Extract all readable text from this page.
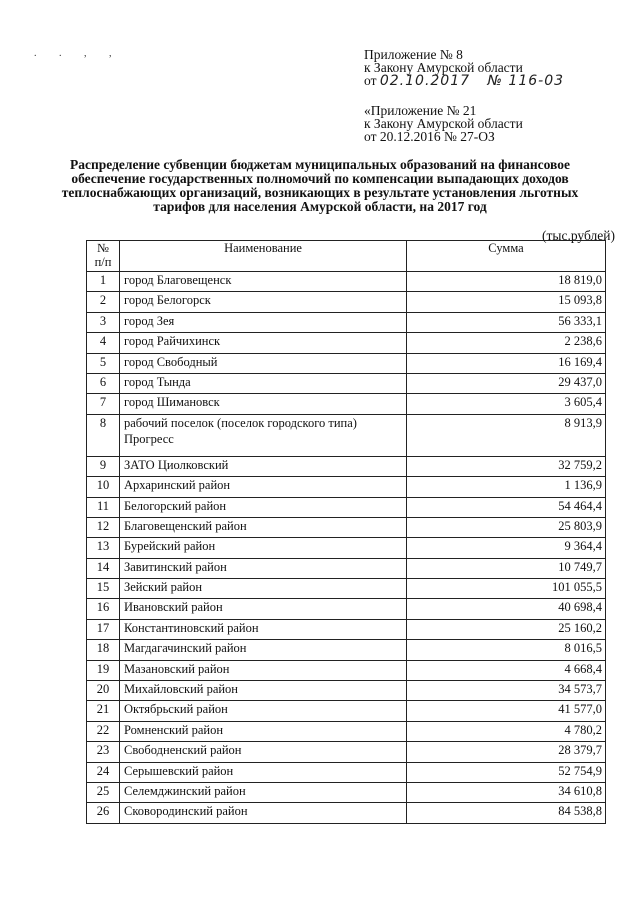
. . , ,	Приложение № 8
к Закону Амурской области
от 02.10.2017 № 116-03
«Приложение № 21
к Закону Амурской области
от 20.12.2016 № 27-ОЗ
Распределение субвенции бюджетам муниципальных образований на финансовое обеспечение государственных полномочий по компенсации выпадающих доходов теплоснабжающих организаций, возникающих в результате установления льготных тарифов для населения Амурской области, на 2017 год
(тыс.рублей)
№ п/п	Наименование	Сумма
1	город Благовещенск	18 819,0
2	город Белогорск	15 093,8
3	город Зея	56 333,1
4	город Райчихинск	2 238,6
5	город Свободный	16 169,4
6	город Тында	29 437,0
7	город Шимановск	3 605,4
8	рабочий поселок (поселок городского типа) Прогресс	8 913,9
9	ЗАТО Циолковский	32 759,2
10	Архаринский район	1 136,9
11	Белогорский район	54 464,4
12	Благовещенский район	25 803,9
13	Бурейский район	9 364,4
14	Завитинский район	10 749,7
15	Зейский район	101 055,5
16	Ивановский район	40 698,4
17	Константиновский район	25 160,2
18	Магдагачинский район	8 016,5
19	Мазановский район	4 668,4
20	Михайловский район	34 573,7
21	Октябрьский район	41 577,0
22	Ромненский район	4 780,2
23	Свободненский район	28 379,7
24	Серышевский район	52 754,9
25	Селемджинский район	34 610,8
26	Сковородинский район	84 538,8
